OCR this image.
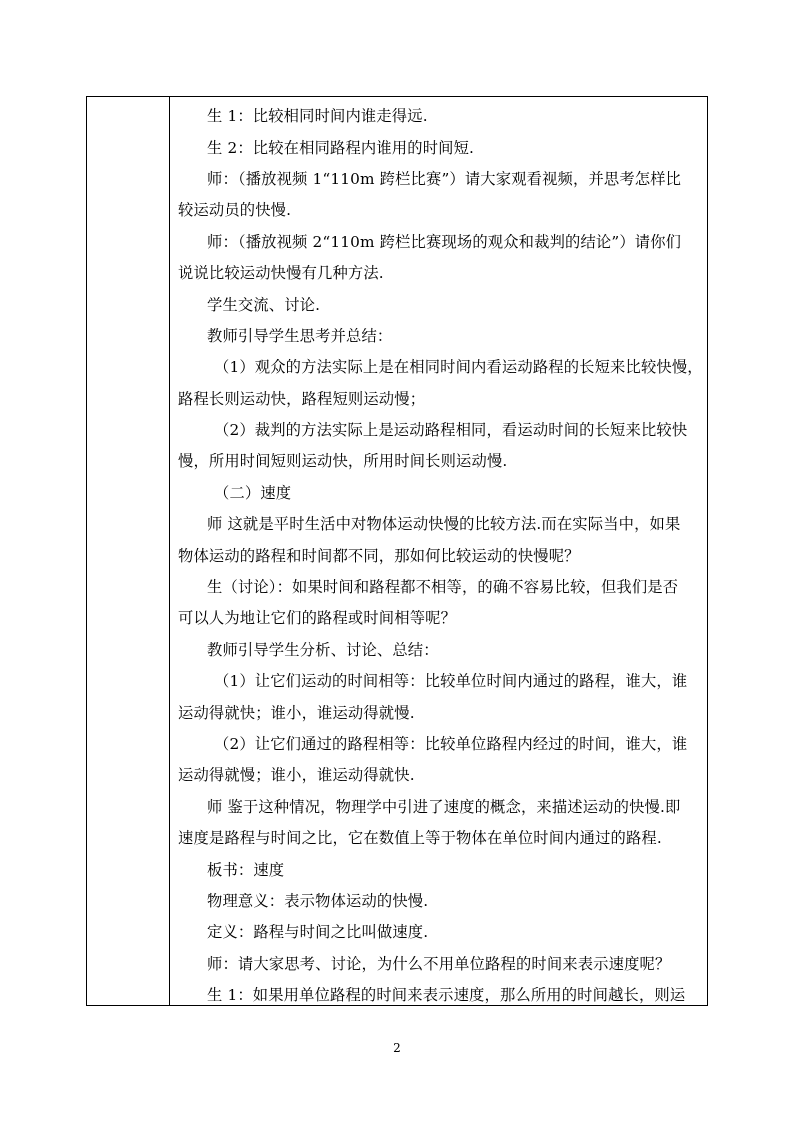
生 1：比较相同时间内谁走得远.
生 2：比较在相同路程内谁用的时间短.
师：（播放视频 1“110m 跨栏比赛”）请大家观看视频，并思考怎样比
较运动员的快慢.
师：（播放视频 2“110m 跨栏比赛现场的观众和裁判的结论”）请你们
说说比较运动快慢有几种方法.
学生交流、讨论.
教师引导学生思考并总结：
（1）观众的方法实际上是在相同时间内看运动路程的长短来比较快慢，
路程长则运动快，路程短则运动慢；
（2）裁判的方法实际上是运动路程相同，看运动时间的长短来比较快
慢，所用时间短则运动快，所用时间长则运动慢.
（二）速度
师 这就是平时生活中对物体运动快慢的比较方法.而在实际当中，如果
物体运动的路程和时间都不同，那如何比较运动的快慢呢？
生（讨论）：如果时间和路程都不相等，的确不容易比较，但我们是否
可以人为地让它们的路程或时间相等呢？
教师引导学生分析、讨论、总结：
（1）让它们运动的时间相等：比较单位时间内通过的路程，谁大，谁
运动得就快；谁小，谁运动得就慢.
（2）让它们通过的路程相等：比较单位路程内经过的时间，谁大，谁
运动得就慢；谁小，谁运动得就快.
师 鉴于这种情况，物理学中引进了速度的概念，来描述运动的快慢.即
速度是路程与时间之比，它在数值上等于物体在单位时间内通过的路程.
板书：速度
物理意义：表示物体运动的快慢.
定义：路程与时间之比叫做速度.
师：请大家思考、讨论，为什么不用单位路程的时间来表示速度呢？
生 1：如果用单位路程的时间来表示速度，那么所用的时间越长，则运
2
